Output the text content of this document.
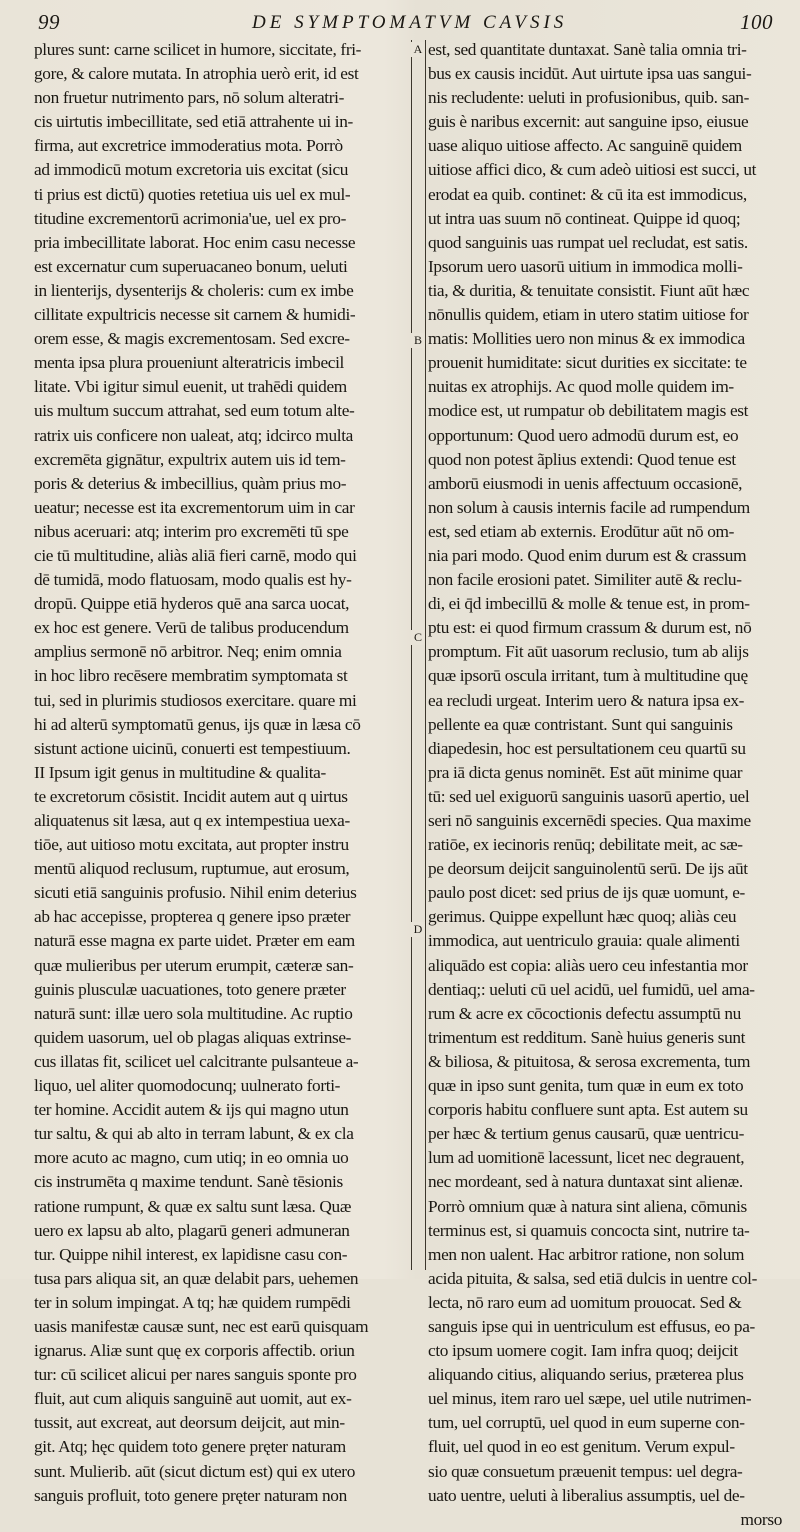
99	DE SYMPTOMATVM CAVSIS	100
A
B
C
D
plures sunt: carne scilicet in humore, siccitate, fri-
gore, & calore mutata. In atrophia uerò erit, id est
non fruetur nutrimento pars, nō solum alteratri-
cis uirtutis imbecillitate, sed etiā attrahente ui in-
firma, aut excretrice immoderatius mota. Porrò
ad immodicū motum excretoria uis excitat (sicu
ti prius est dictū) quoties retetiua uis uel ex mul-
titudine excrementorū acrimonia'ue, uel ex pro-
pria imbecillitate laborat. Hoc enim casu necesse
est excernatur cum superuacaneo bonum, ueluti
in lienterijs, dysenterijs & choleris: cum ex imbe
cillitate expultricis necesse sit carnem & humidi-
orem esse, & magis excrementosam. Sed excre-
menta ipsa plura proueniunt alteratricis imbecil
litate. Vbi igitur simul euenit, ut trahēdi quidem
uis multum succum attrahat, sed eum totum alte-
ratrix uis conficere non ualeat, atq; idcirco multa
excremēta gignātur, expultrix autem uis id tem-
poris & deterius & imbecillius, quàm prius mo-
ueatur; necesse est ita excrementorum uim in car
nibus aceruari: atq; interim pro excremēti tū spe
cie tū multitudine, aliàs aliā fieri carnē, modo qui
dē tumidā, modo flatuosam, modo qualis est hy-
dropū. Quippe etiā hyderos quē ana sarca uocat,
ex hoc est genere. Verū de talibus producendum
amplius sermonē nō arbitror. Neq; enim omnia
in hoc libro recēsere membratim symptomata st
tui, sed in plurimis studiosos exercitare. quare mi
hi ad alterū symptomatū genus, ijs quæ in læsa cō
sistunt actione uicinū, conuerti est tempestiuum.
II Ipsum igit genus in multitudine & qualita-
te excretorum cōsistit. Incidit autem aut q uirtus
aliquatenus sit læsa, aut q ex intempestiua uexa-
tiōe, aut uitioso motu excitata, aut propter instru
mentū aliquod reclusum, ruptumue, aut erosum,
sicuti etiā sanguinis profusio. Nihil enim deterius
ab hac accepisse, propterea q genere ipso præter
naturā esse magna ex parte uidet. Præter em eam
quæ mulieribus per uterum erumpit, cæteræ san-
guinis plusculæ uacuationes, toto genere præter
naturā sunt: illæ uero sola multitudine. Ac ruptio
quidem uasorum, uel ob plagas aliquas extrinse-
cus illatas fit, scilicet uel calcitrante pulsanteue a-
liquo, uel aliter quomodocunq; uulnerato forti-
ter homine. Accidit autem & ijs qui magno utun
tur saltu, & qui ab alto in terram labunt, & ex cla
more acuto ac magno, cum utiq; in eo omnia uo
cis instrumēta q maxime tendunt. Sanè tēsionis
ratione rumpunt, & quæ ex saltu sunt læsa. Quæ
uero ex lapsu ab alto, plagarū generi admuneran
tur. Quippe nihil interest, ex lapidisne casu con-
tusa pars aliqua sit, an quæ delabit pars, uehemen
ter in solum impingat. A tq; hæ quidem rumpēdi
uasis manifestæ causæ sunt, nec est earū quisquam
ignarus. Aliæ sunt quę ex corporis affectib. oriun
tur: cū scilicet alicui per nares sanguis sponte pro
fluit, aut cum aliquis sanguinē aut uomit, aut ex-
tussit, aut excreat, aut deorsum deijcit, aut min-
git. Atq; hęc quidem toto genere pręter naturam
sunt. Mulierib. aūt (sicut dictum est) qui ex utero
sanguis profluit, toto genere pręter naturam non
est, sed quantitate duntaxat. Sanè talia omnia tri-
bus ex causis incidūt. Aut uirtute ipsa uas sangui-
nis recludente: ueluti in profusionibus, quib. san-
guis è naribus excernit: aut sanguine ipso, eiusue
uase aliquo uitiose affecto. Ac sanguinē quidem
uitiose affici dico, & cum adeò uitiosi est succi, ut
erodat ea quib. continet: & cū ita est immodicus,
ut intra uas suum nō contineat. Quippe id quoq;
quod sanguinis uas rumpat uel recludat, est satis.
Ipsorum uero uasorū uitium in immodica molli-
tia, & duritia, & tenuitate consistit. Fiunt aūt hæc
nōnullis quidem, etiam in utero statim uitiose for
matis: Mollities uero non minus & ex immodica
prouenit humiditate: sicut durities ex siccitate: te
nuitas ex atrophijs. Ac quod molle quidem im-
modice est, ut rumpatur ob debilitatem magis est
opportunum: Quod uero admodū durum est, eo
quod non potest ãplius extendi: Quod tenue est
amborū eiusmodi in uenis affectuum occasionē,
non solum à causis internis facile ad rumpendum
est, sed etiam ab externis. Erodūtur aūt nō om-
nia pari modo. Quod enim durum est & crassum
non facile erosioni patet. Similiter autē & reclu-
di, ei q̄d imbecillū & molle & tenue est, in prom-
ptu est: ei quod firmum crassum & durum est, nō
promptum. Fit aūt uasorum reclusio, tum ab alijs
quæ ipsorū oscula irritant, tum à multitudine quę
ea recludi urgeat. Interim uero & natura ipsa ex-
pellente ea quæ contristant. Sunt qui sanguinis
diapedesin, hoc est persultationem ceu quartū su
pra iā dicta genus nominēt. Est aūt minime quar
tū: sed uel exiguorū sanguinis uasorū apertio, uel
seri nō sanguinis excernēdi species. Qua maxime
ratiōe, ex iecinoris renūq; debilitate meit, ac sæ-
pe deorsum deijcit sanguinolentū serū. De ijs aūt
paulo post dicet: sed prius de ijs quæ uomunt, e-
gerimus. Quippe expellunt hæc quoq; aliàs ceu
immodica, aut uentriculo grauia: quale alimenti
aliquādo est copia: aliàs uero ceu infestantia mor
dentiaq;: ueluti cū uel acidū, uel fumidū, uel ama-
rum & acre ex cōcoctionis defectu assumptū nu
trimentum est redditum. Sanè huius generis sunt
& biliosa, & pituitosa, & serosa excrementa, tum
quæ in ipso sunt genita, tum quæ in eum ex toto
corporis habitu confluere sunt apta. Est autem su
per hæc & tertium genus causarū, quæ uentricu-
lum ad uomitionē lacessunt, licet nec degrauent,
nec mordeant, sed à natura duntaxat sint alienæ.
Porrò omnium quæ à natura sint aliena, cōmunis
terminus est, si quamuis concocta sint, nutrire ta-
men non ualent. Hac arbitror ratione, non solum
acida pituita, & salsa, sed etiā dulcis in uentre col-
lecta, nō raro eum ad uomitum prouocat. Sed &
sanguis ipse qui in uentriculum est effusus, eo pa-
cto ipsum uomere cogit. Iam infra quoq; deijcit
aliquando citius, aliquando serius, præterea plus
uel minus, item raro uel sæpe, uel utile nutrimen-
tum, uel corruptū, uel quod in eum superne con-
fluit, uel quod in eo est genitum. Verum expul-
sio quæ consuetum præuenit tempus: uel degra-
uato uentre, ueluti à liberalius assumptis, uel de-
morso
